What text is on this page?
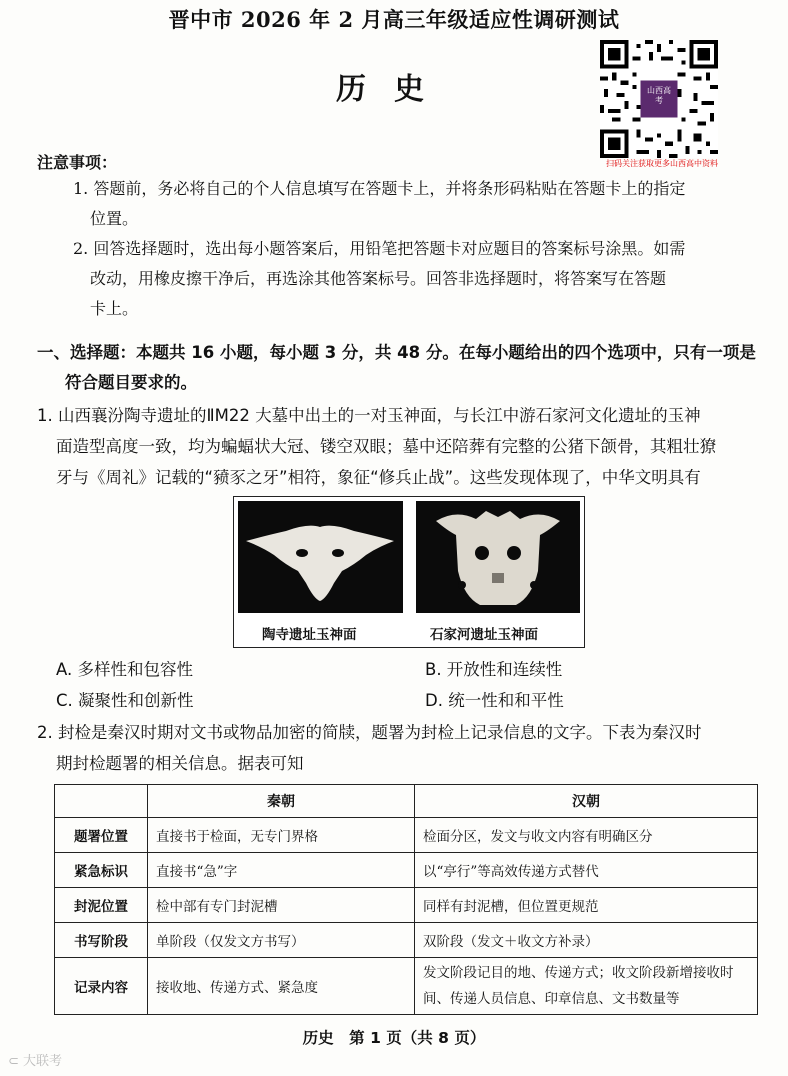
晋中市 2026 年 2 月高三年级适应性调研测试
历史	山西高考
扫码关注获取更多山西高中资料
注意事项：
1. 答题前，务必将自己的个人信息填写在答题卡上，并将条形码粘贴在答题卡上的指定
位置。
2. 回答选择题时，选出每小题答案后，用铅笔把答题卡对应题目的答案标号涂黑。如需
改动，用橡皮擦干净后，再选涂其他答案标号。回答非选择题时，将答案写在答题
卡上。
一、选择题：本题共 16 小题，每小题 3 分，共 48 分。在每小题给出的四个选项中，只有一项是
符合题目要求的。
1. 山西襄汾陶寺遗址的ⅡM22 大墓中出土的一对玉神面，与长江中游石家河文化遗址的玉神
面造型高度一致，均为蝙蝠状大冠、镂空双眼；墓中还陪葬有完整的公猪下颌骨，其粗壮獠
牙与《周礼》记载的“豮豕之牙”相符，象征“修兵止战”。这些发现体现了，中华文明具有
陶寺遗址玉神面	石家河遗址玉神面
A. 多样性和包容性	B. 开放性和连续性
C. 凝聚性和创新性	D. 统一性和和平性
2. 封检是秦汉时期对文书或物品加密的简牍，题署为封检上记录信息的文字。下表为秦汉时
期封检题署的相关信息。据表可知
	秦朝	汉朝
题署位置	直接书于检面，无专门界格	检面分区，发文与收文内容有明确区分
紧急标识	直接书“急”字	以“亭行”等高效传递方式替代
封泥位置	检中部有专门封泥槽	同样有封泥槽，但位置更规范
书写阶段	单阶段（仅发文方书写）	双阶段（发文＋收文方补录）
记录内容	接收地、传递方式、紧急度	发文阶段记目的地、传递方式；收文阶段新增接收时间、传递人员信息、印章信息、文书数量等
历史　第 1 页（共 8 页）
⊂ 大联考
